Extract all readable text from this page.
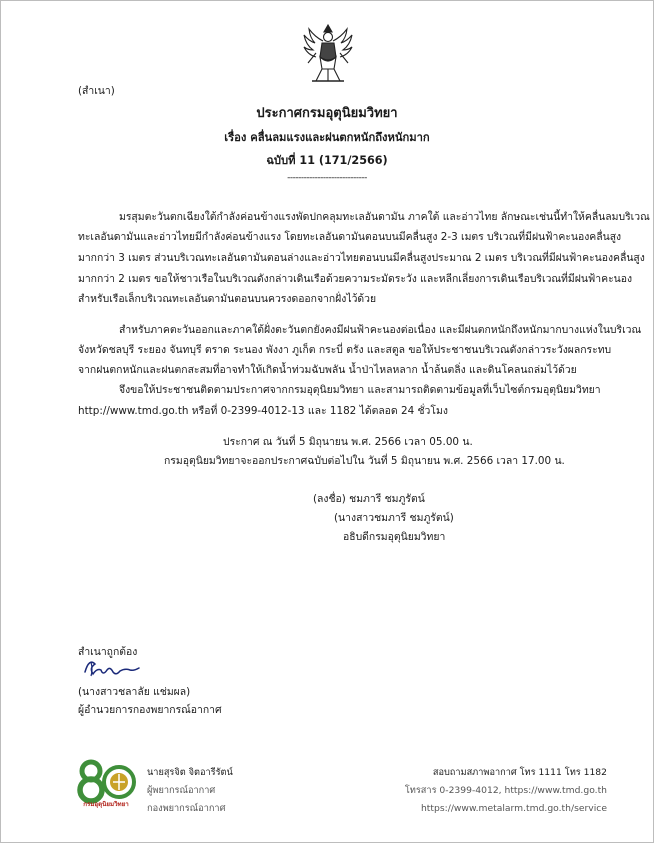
(สำเนา)
ประกาศกรมอุตุนิยมวิทยา
เรื่อง คลื่นลมแรงและฝนตกหนักถึงหนักมาก
ฉบับที่ 11 (171/2566)
-----------------------------
มรสุมตะวันตกเฉียงใต้กำลังค่อนข้างแรงพัดปกคลุมทะเลอันดามัน ภาคใต้ และอ่าวไทย ลักษณะเช่นนี้ทำให้คลื่นลมบริเวณ
ทะเลอันดามันและอ่าวไทยมีกำลังค่อนข้างแรง โดยทะเลอันดามันตอนบนมีคลื่นสูง 2-3 เมตร บริเวณที่มีฝนฟ้าคะนองคลื่นสูง
มากกว่า 3 เมตร ส่วนบริเวณทะเลอันดามันตอนล่างและอ่าวไทยตอนบนมีคลื่นสูงประมาณ 2 เมตร บริเวณที่มีฝนฟ้าคะนองคลื่นสูง
มากกว่า 2 เมตร ขอให้ชาวเรือในบริเวณดังกล่าวเดินเรือด้วยความระมัดระวัง และหลีกเลี่ยงการเดินเรือบริเวณที่มีฝนฟ้าคะนอง
สำหรับเรือเล็กบริเวณทะเลอันดามันตอนบนควรงดออกจากฝั่งไว้ด้วย
สำหรับภาคตะวันออกและภาคใต้ฝั่งตะวันตกยังคงมีฝนฟ้าคะนองต่อเนื่อง และมีฝนตกหนักถึงหนักมากบางแห่งในบริเวณ
จังหวัดชลบุรี ระยอง จันทบุรี ตราด ระนอง พังงา ภูเก็ต กระบี่ ตรัง และสตูล ขอให้ประชาชนบริเวณดังกล่าวระวังผลกระทบ
จากฝนตกหนักและฝนตกสะสมที่อาจทำให้เกิดน้ำท่วมฉับพลัน น้ำป่าไหลหลาก น้ำล้นตลิ่ง และดินโคลนถล่มไว้ด้วย
จึงขอให้ประชาชนติดตามประกาศจากกรมอุตุนิยมวิทยา และสามารถติดตามข้อมูลที่เว็บไซต์กรมอุตุนิยมวิทยา
http://www.tmd.go.th หรือที่ 0-2399-4012-13 และ 1182 ได้ตลอด 24 ชั่วโมง
ประกาศ ณ วันที่ 5 มิถุนายน พ.ศ. 2566 เวลา 05.00 น.
กรมอุตุนิยมวิทยาจะออกประกาศฉบับต่อไปใน วันที่ 5 มิถุนายน พ.ศ. 2566 เวลา 17.00 น.
(ลงชื่อ) ชมภารี ชมภูรัตน์
(นางสาวชมภารี ชมภูรัตน์)
อธิบดีกรมอุตุนิยมวิทยา
สำเนาถูกต้อง
(นางสาวชลาลัย แช่มผล)
ผู้อำนวยการกองพยากรณ์อากาศ
กรมอุตุนิยมวิทยา
นายสุรจิต จิตอารีรัตน์
ผู้พยากรณ์อากาศ
กองพยากรณ์อากาศ
สอบถามสภาพอากาศ โทร 1111 โทร 1182
โทรสาร 0-2399-4012, https://www.tmd.go.th
https://www.metalarm.tmd.go.th/service
